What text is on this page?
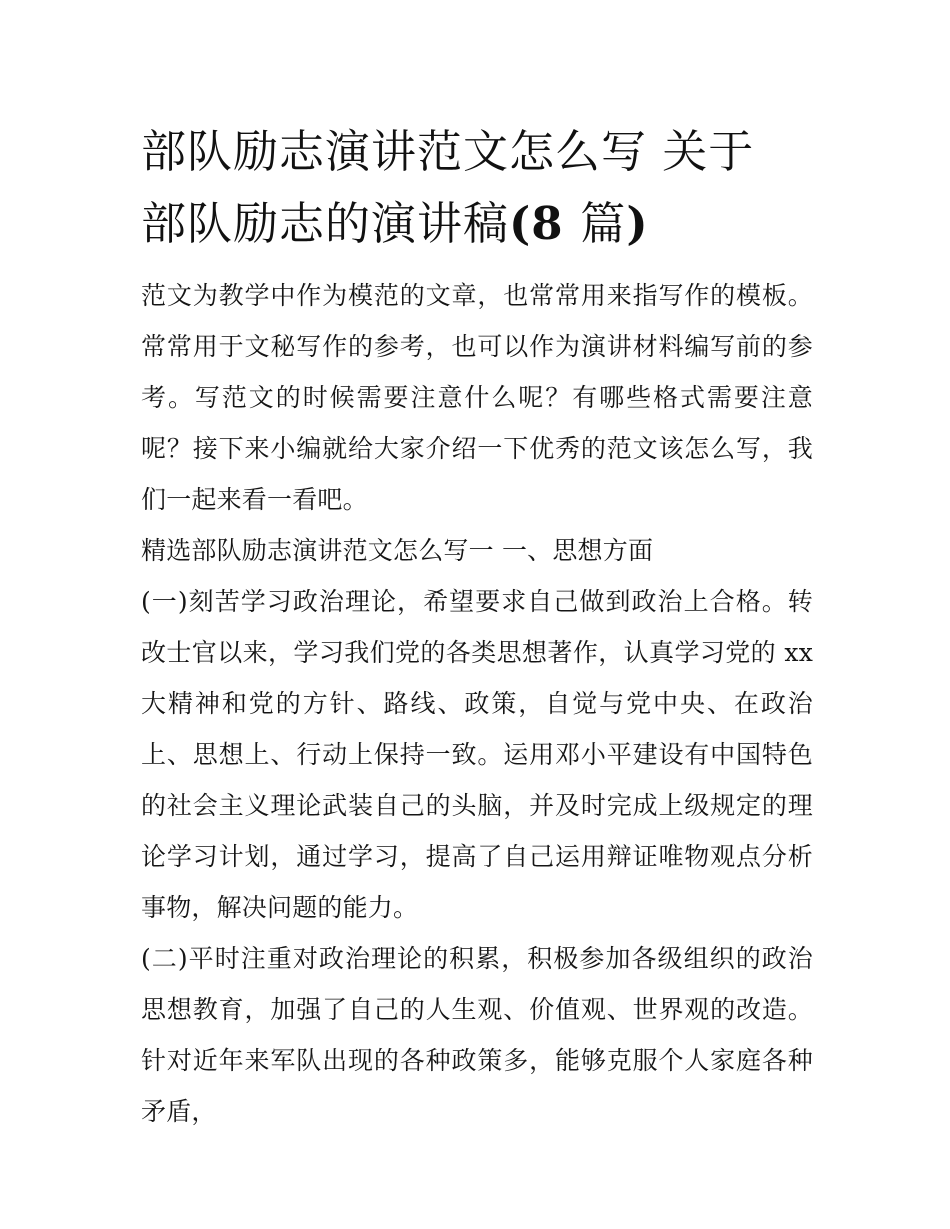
部队励志演讲范文怎么写 关于
部队励志的演讲稿(8 篇)

范文为教学中作为模范的文章，也常常用来指写作的模板。常常用于文秘写作的参考，也可以作为演讲材料编写前的参考。写范文的时候需要注意什么呢？有哪些格式需要注意呢？接下来小编就给大家介绍一下优秀的范文该怎么写，我们一起来看一看吧。

精选部队励志演讲范文怎么写一 一、思想方面

(一)刻苦学习政治理论，希望要求自己做到政治上合格。转改士官以来，学习我们党的各类思想著作，认真学习党的 xx 大精神和党的方针、路线、政策，自觉与党中央、在政治上、思想上、行动上保持一致。运用邓小平建设有中国特色的社会主义理论武装自己的头脑，并及时完成上级规定的理论学习计划，通过学习，提高了自己运用辩证唯物观点分析事物，解决问题的能力。

(二)平时注重对政治理论的积累，积极参加各级组织的政治思想教育，加强了自己的人生观、价值观、世界观的改造。针对近年来军队出现的各种政策多，能够克服个人家庭各种矛盾，
